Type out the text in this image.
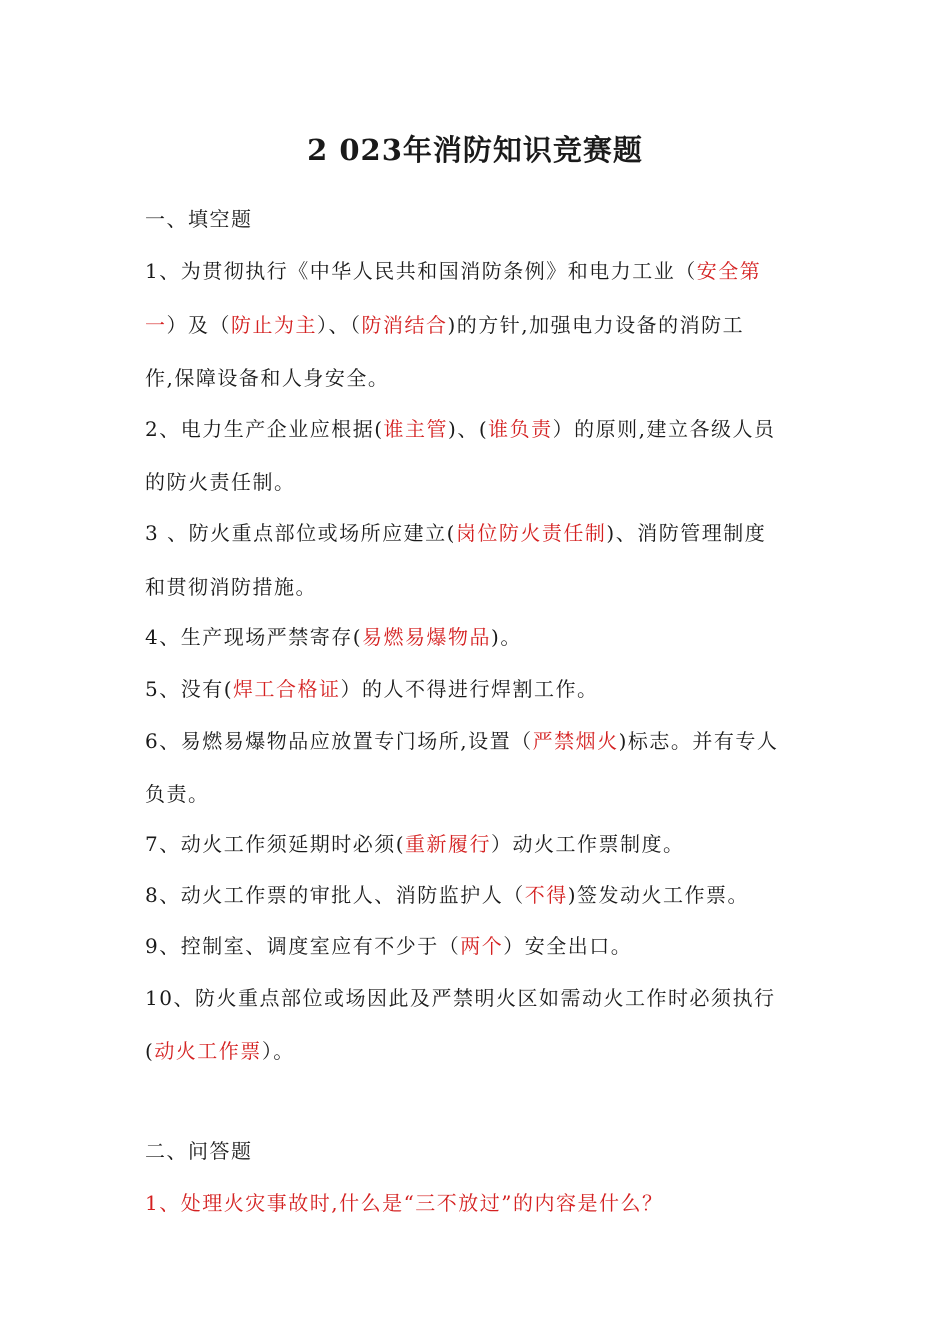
2 023年消防知识竞赛题
一、填空题
1、为贯彻执行《中华人民共和国消防条例》和电力工业（安全第
一）及（防止为主）、（防消结合)的方针,加强电力设备的消防工
作,保障设备和人身安全。
2、电力生产企业应根据(谁主管)、(谁负责）的原则,建立各级人员
的防火责任制。
3 、防火重点部位或场所应建立(岗位防火责任制)、消防管理制度
和贯彻消防措施。
4、生产现场严禁寄存(易燃易爆物品)。
5、没有(焊工合格证）的人不得进行焊割工作。
6、易燃易爆物品应放置专门场所,设置（严禁烟火)标志。并有专人
负责。
7、动火工作须延期时必须(重新履行）动火工作票制度。
8、动火工作票的审批人、消防监护人（不得)签发动火工作票。
9、控制室、调度室应有不少于（两个）安全出口。
10、防火重点部位或场因此及严禁明火区如需动火工作时必须执行
(动火工作票）。
二、问答题
1、处理火灾事故时,什么是“三不放过”的内容是什么？
